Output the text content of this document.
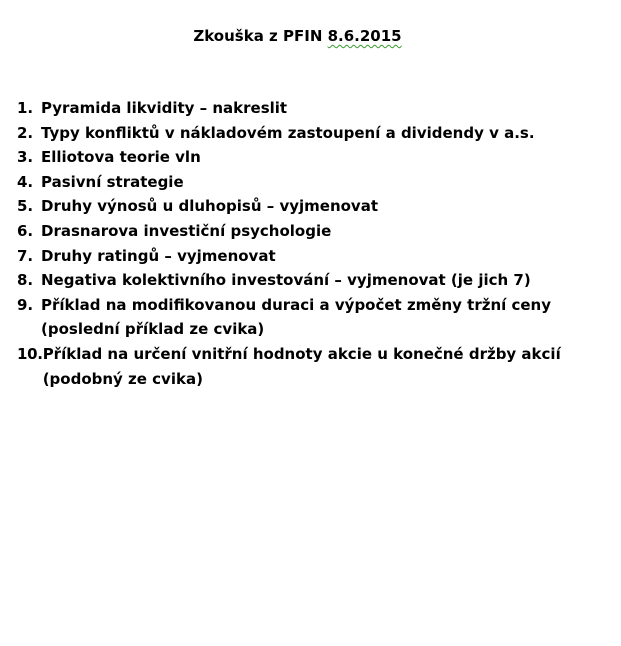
Zkouška z PFIN 8.6.2015
1. Pyramida likvidity – nakreslit
2. Typy konfliktů v nákladovém zastoupení a dividendy v a.s.
3. Elliotova teorie vln
4. Pasivní strategie
5. Druhy výnosů u dluhopisů – vyjmenovat
6. Drasnarova investiční psychologie
7. Druhy ratingů – vyjmenovat
8. Negativa kolektivního investování – vyjmenovat (je jich 7)
9. Příklad na modifikovanou duraci a výpočet změny tržní ceny (poslední příklad ze cvika)
10. Příklad na určení vnitřní hodnoty akcie u konečné držby akcií (podobný ze cvika)
